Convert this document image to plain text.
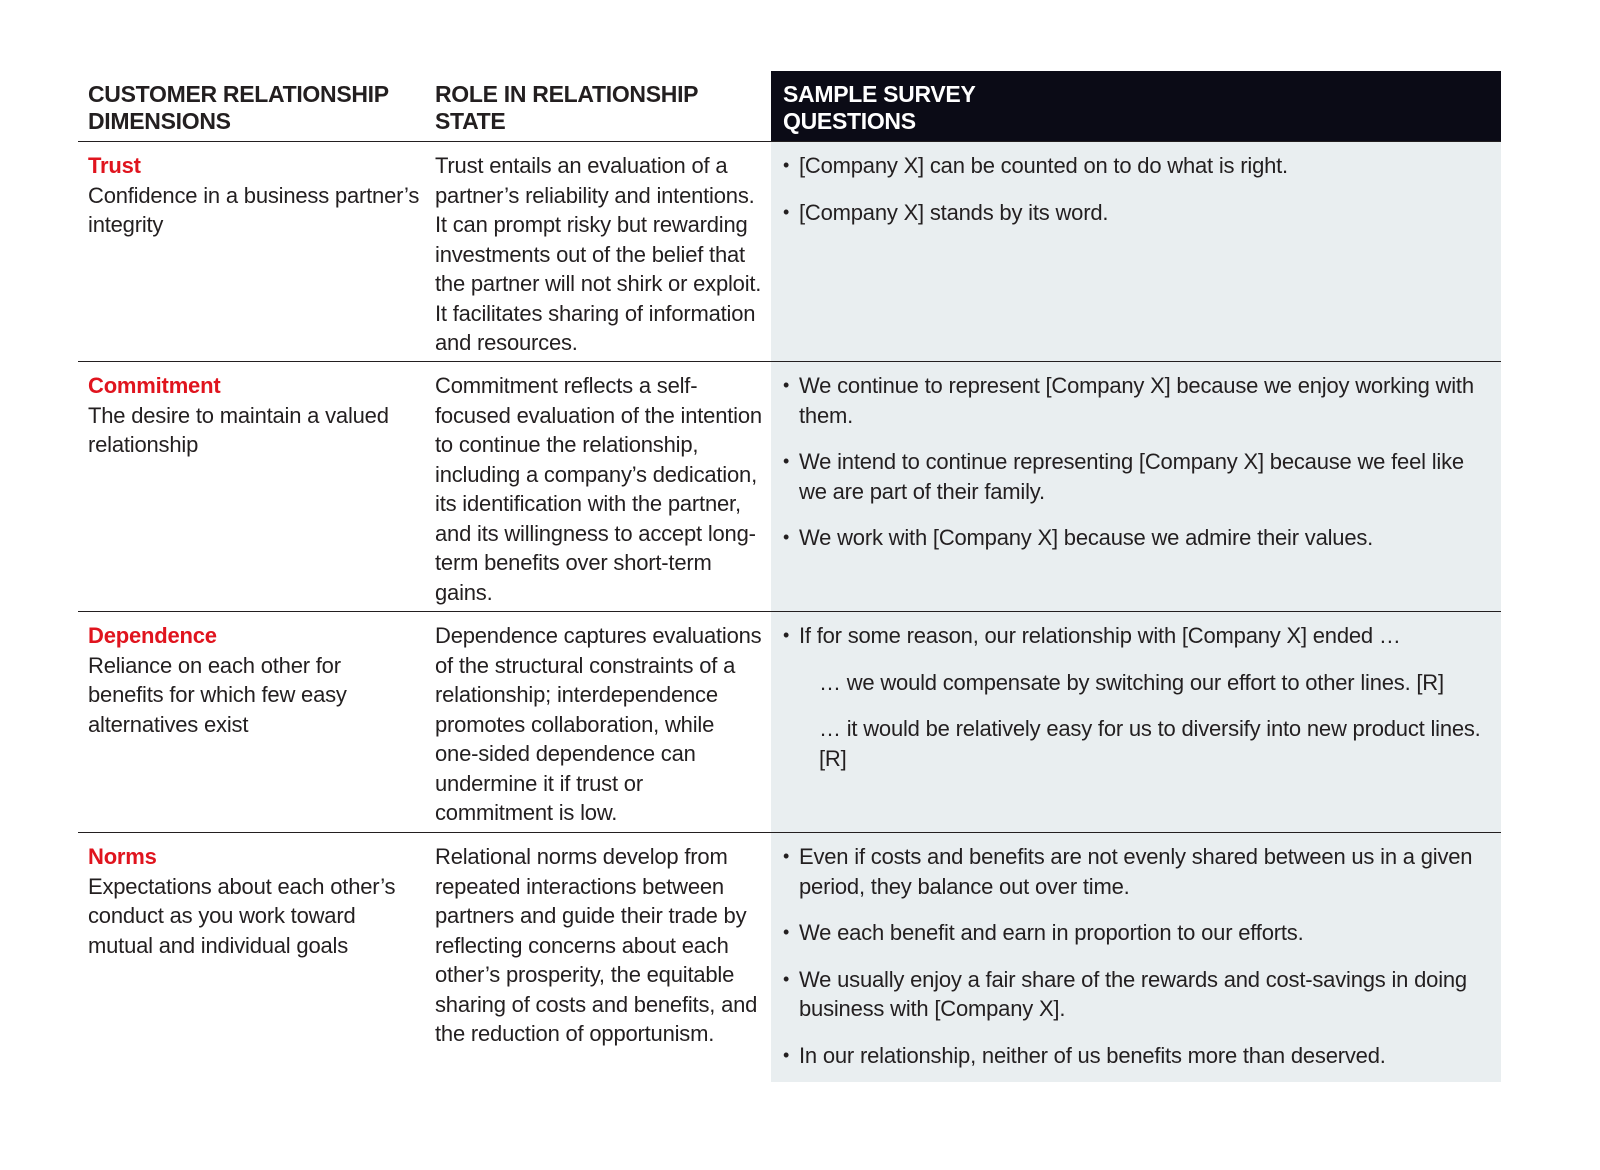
CUSTOMER RELATIONSHIP
DIMENSIONS
ROLE IN RELATIONSHIP
STATE
SAMPLE SURVEY
QUESTIONS
Trust
Confidence in a business partner’s integrity
Trust entails an evaluation of a partner’s reliability and intentions. It can prompt risky but rewarding investments out of the belief that the partner will not shirk or exploit. It facilitates sharing of information and resources.
• [Company X] can be counted on to do what is right.
• [Company X] stands by its word.
Commitment
The desire to maintain a valued relationship
Commitment reflects a self-focused evaluation of the intention to continue the relationship, including a company’s dedication, its identification with the partner, and its willingness to accept long-term benefits over short-term gains.
• We continue to represent [Company X] because we enjoy working with them.
• We intend to continue representing [Company X] because we feel like we are part of their family.
• We work with [Company X] because we admire their values.
Dependence
Reliance on each other for benefits for which few easy alternatives exist
Dependence captures evaluations of the structural constraints of a relationship; interdependence promotes collaboration, while one-sided dependence can undermine it if trust or commitment is low.
• If for some reason, our relationship with [Company X] ended …
… we would compensate by switching our effort to other lines. [R]
… it would be relatively easy for us to diversify into new product lines. [R]
Norms
Expectations about each other’s conduct as you work toward mutual and individual goals
Relational norms develop from repeated interactions between partners and guide their trade by reflecting concerns about each other’s prosperity, the equitable sharing of costs and benefits, and the reduction of opportunism.
• Even if costs and benefits are not evenly shared between us in a given period, they balance out over time.
• We each benefit and earn in proportion to our efforts.
• We usually enjoy a fair share of the rewards and cost-savings in doing business with [Company X].
• In our relationship, neither of us benefits more than deserved.
